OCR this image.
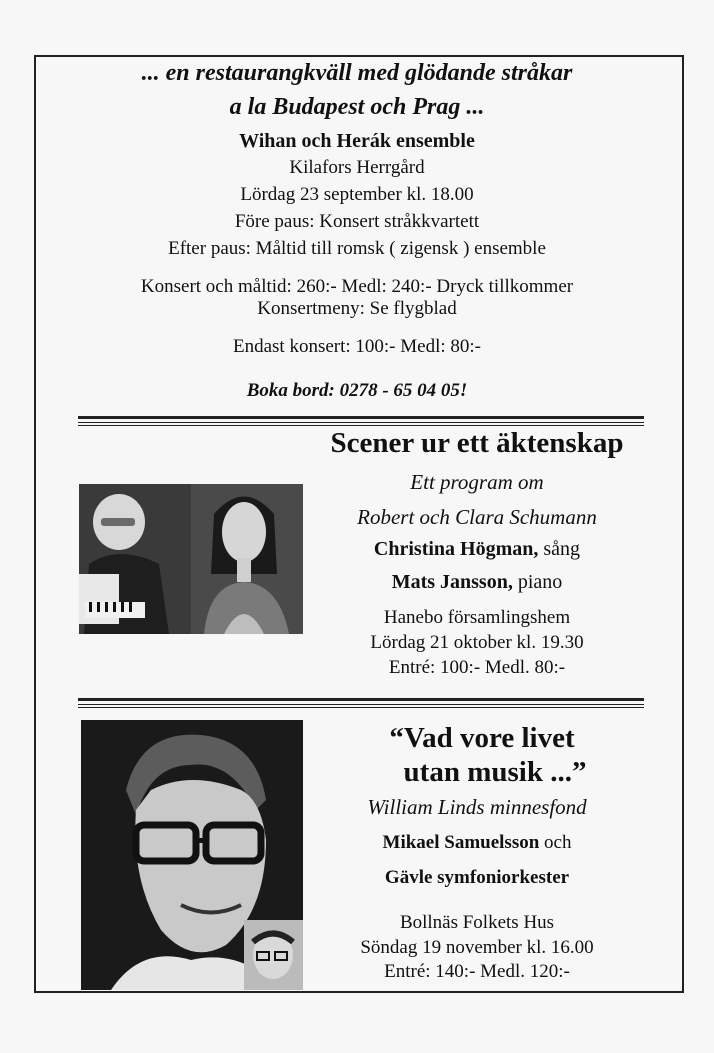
... en restaurangkväll med glödande stråkar
a la Budapest och Prag ...
Wihan och Herák ensemble
Kilafors Herrgård
Lördag 23 september kl. 18.00
Före paus: Konsert stråkkvartett
Efter paus: Måltid till romsk ( zigensk ) ensemble
Konsert och måltid: 260:- Medl: 240:- Dryck tillkommer
Konsertmeny: Se flygblad
Endast konsert: 100:- Medl: 80:-
Boka bord: 0278 - 65 04 05!
Scener ur ett äktenskap
Ett program om
Robert och Clara Schumann
Christina Högman, sång
Mats Jansson, piano
Hanebo församlingshem
Lördag 21 oktober kl. 19.30
Entré: 100:- Medl. 80:-
“Vad vore livet
utan musik ...”
William Linds minnesfond
Mikael Samuelsson och
Gävle symfoniorkester
Bollnäs Folkets Hus
Söndag 19 november kl. 16.00
Entré: 140:- Medl. 120:-
